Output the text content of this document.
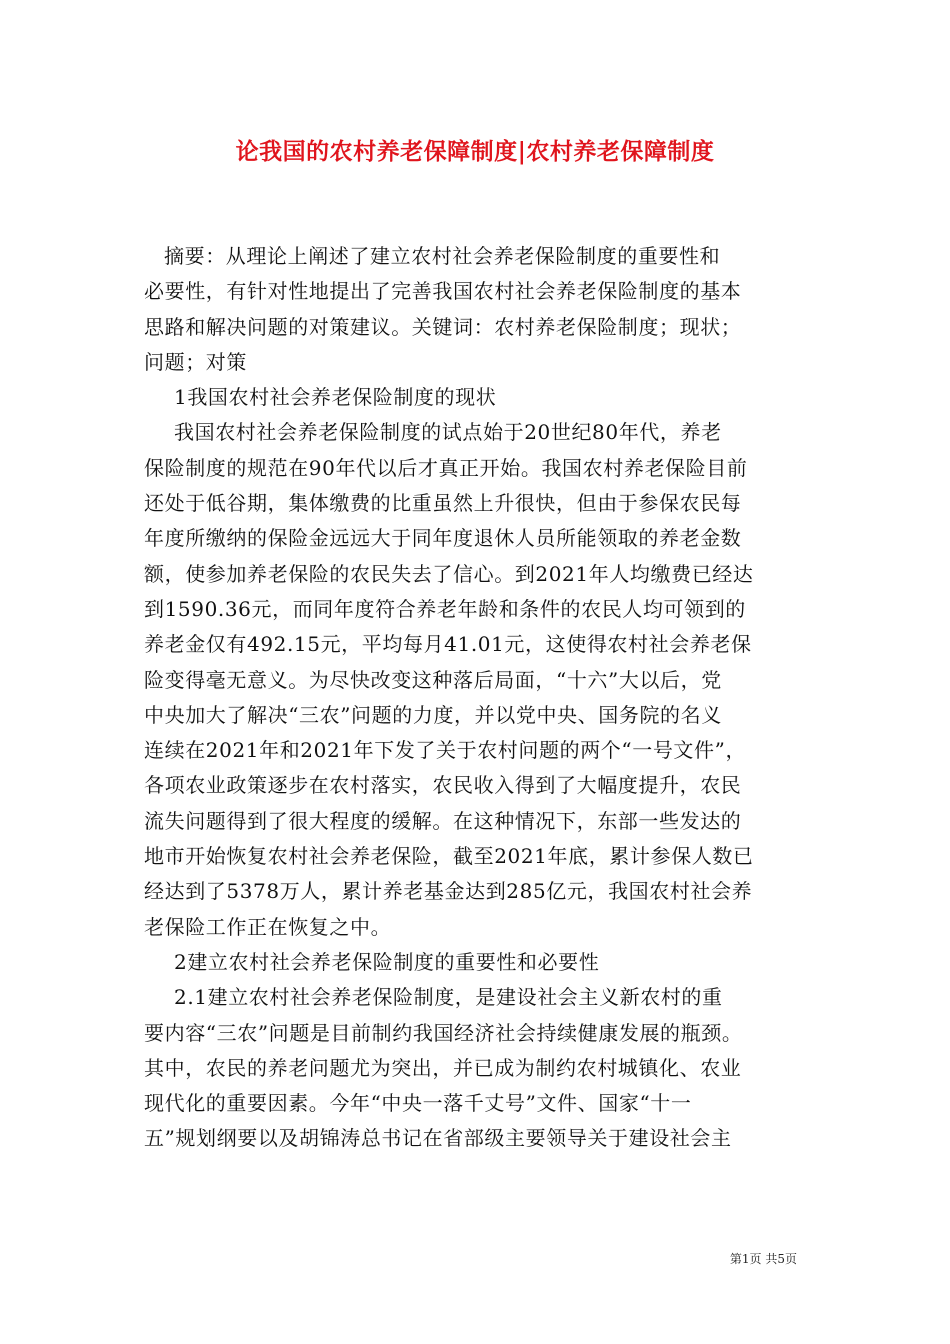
论我国的农村养老保障制度|农村养老保障制度
摘要：从理论上阐述了建立农村社会养老保险制度的重要性和
必要性，有针对性地提出了完善我国农村社会养老保险制度的基本
思路和解决问题的对策建议。关键词：农村养老保险制度；现状；
问题；对策
1我国农村社会养老保险制度的现状
我国农村社会养老保险制度的试点始于20世纪80年代，养老
保险制度的规范在90年代以后才真正开始。我国农村养老保险目前
还处于低谷期，集体缴费的比重虽然上升很快，但由于参保农民每
年度所缴纳的保险金远远大于同年度退休人员所能领取的养老金数
额，使参加养老保险的农民失去了信心。到2021年人均缴费已经达
到1590.36元，而同年度符合养老年龄和条件的农民人均可领到的
养老金仅有492.15元，平均每月41.01元，这使得农村社会养老保
险变得毫无意义。为尽快改变这种落后局面，“十六”大以后，党
中央加大了解决“三农”问题的力度，并以党中央、国务院的名义
连续在2021年和2021年下发了关于农村问题的两个“一号文件”，
各项农业政策逐步在农村落实，农民收入得到了大幅度提升，农民
流失问题得到了很大程度的缓解。在这种情况下，东部一些发达的
地市开始恢复农村社会养老保险，截至2021年底，累计参保人数已
经达到了5378万人，累计养老基金达到285亿元，我国农村社会养
老保险工作正在恢复之中。
2建立农村社会养老保险制度的重要性和必要性
2.1建立农村社会养老保险制度，是建设社会主义新农村的重
要内容“三农”问题是目前制约我国经济社会持续健康发展的瓶颈。
其中，农民的养老问题尤为突出，并已成为制约农村城镇化、农业
现代化的重要因素。今年“中央一落千丈号”文件、国家“十一
五”规划纲要以及胡锦涛总书记在省部级主要领导关于建设社会主
第1页 共5页
